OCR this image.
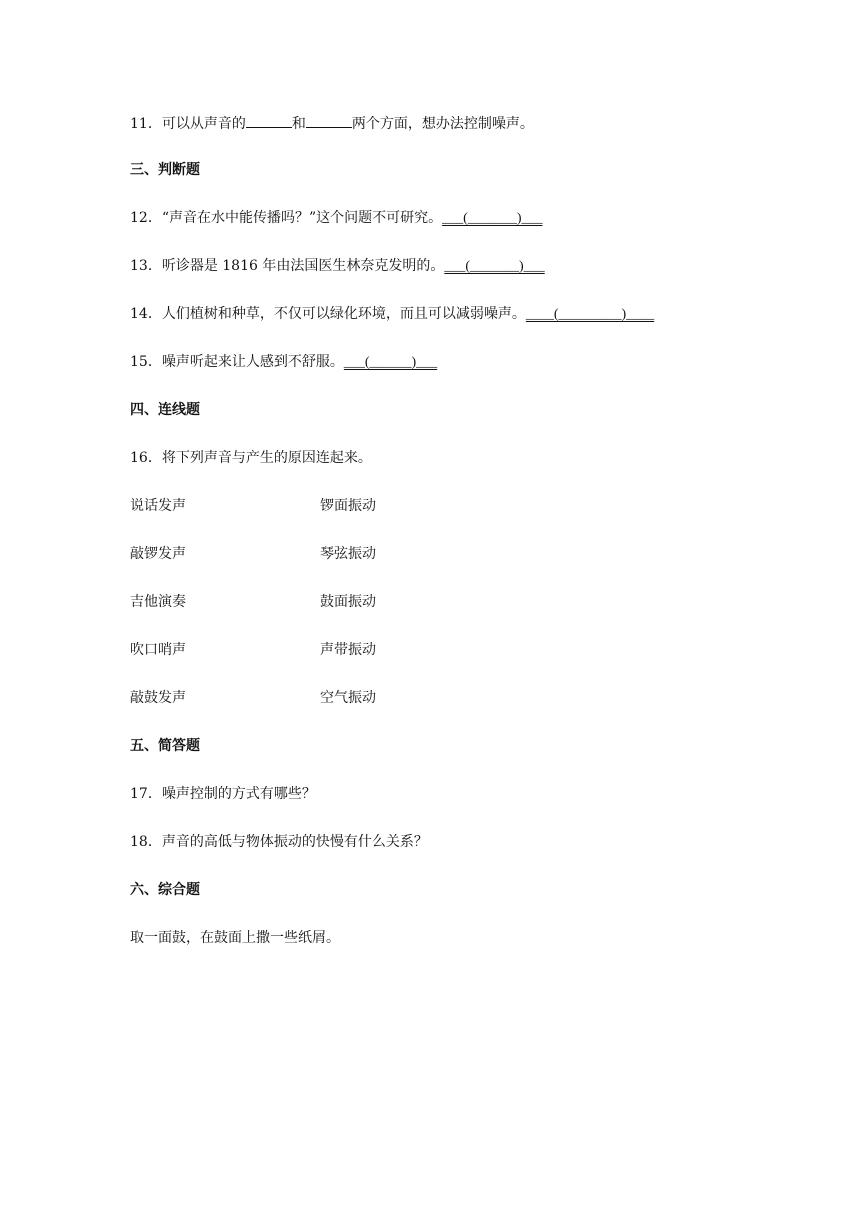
11．可以从声音的	和	两个方面，想办法控制噪声。
三、判断题
12．“声音在水中能传播吗？”这个问题不可研究。___(_______)___
13．听诊器是 1816 年由法国医生林奈克发明的。___(_______)___
14．人们植树和种草，不仅可以绿化环境，而且可以减弱噪声。____(_________)____
15．噪声听起来让人感到不舒服。___(______)___
四、连线题
16．将下列声音与产生的原因连起来。
说话发声	锣面振动
敲锣发声	琴弦振动
吉他演奏	鼓面振动
吹口哨声	声带振动
敲鼓发声	空气振动
五、简答题
17．噪声控制的方式有哪些？
18．声音的高低与物体振动的快慢有什么关系？
六、综合题
取一面鼓，在鼓面上撒一些纸屑。
